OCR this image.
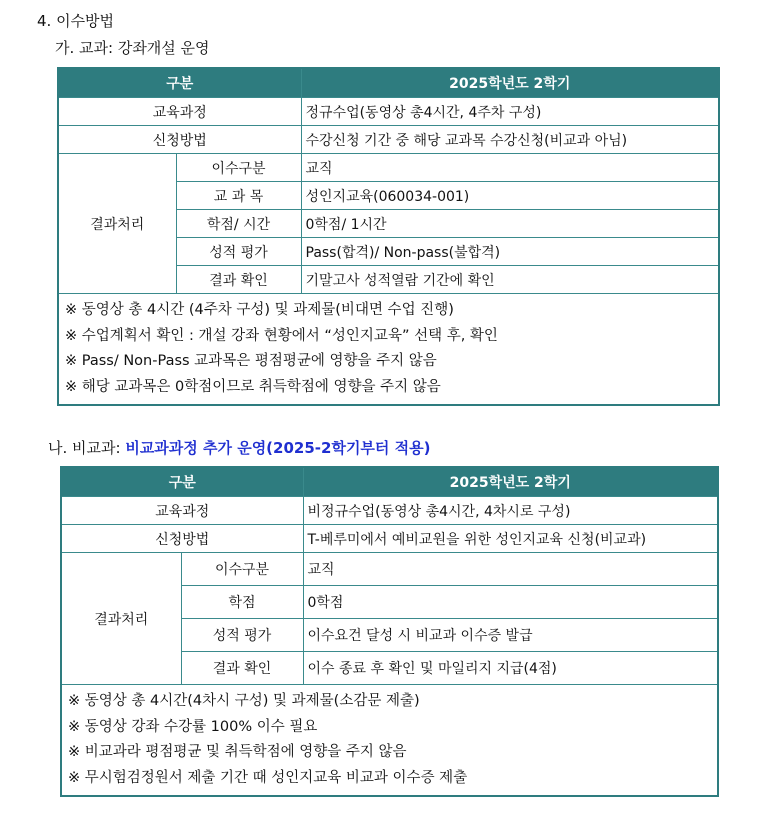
4. 이수방법
가. 교과: 강좌개설 운영
구분		2025학년도 2학기
교육과정		정규수업(동영상 총4시간, 4주차 구성)
신청방법		수강신청 기간 중 해당 교과목 수강신청(비교과 아님)
결과처리	이수구분	교직
	교 과 목	성인지교육(060034-001)
	학점/ 시간	0학점/ 1시간
	성적 평가	Pass(합격)/ Non-pass(불합격)
	결과 확인	기말고사 성적열람 기간에 확인

※ 동영상 총 4시간 (4주차 구성) 및 과제물(비대면 수업 진행)
※ 수업계획서 확인 : 개설 강좌 현황에서 “성인지교육” 선택 후, 확인
※ Pass/ Non-Pass 교과목은 평점평균에 영향을 주지 않음
※ 해당 교과목은 0학점이므로 취득학점에 영향을 주지 않음		
나. 비교과: 비교과과정 추가 운영(2025-2학기부터 적용)
구분		2025학년도 2학기
교육과정		비정규수업(동영상 총4시간, 4차시로 구성)
신청방법		T-베루미에서 예비교원을 위한 성인지교육 신청(비교과)
결과처리	이수구분	교직
	학점	0학점
	성적 평가	이수요건 달성 시 비교과 이수증 발급
	결과 확인	이수 종료 후 확인 및 마일리지 지급(4점)

※ 동영상 총 4시간(4차시 구성) 및 과제물(소감문 제출)
※ 동영상 강좌 수강률 100% 이수 필요
※ 비교과라 평점평균 및 취득학점에 영향을 주지 않음
※ 무시험검정원서 제출 기간 때 성인지교육 비교과 이수증 제출		
